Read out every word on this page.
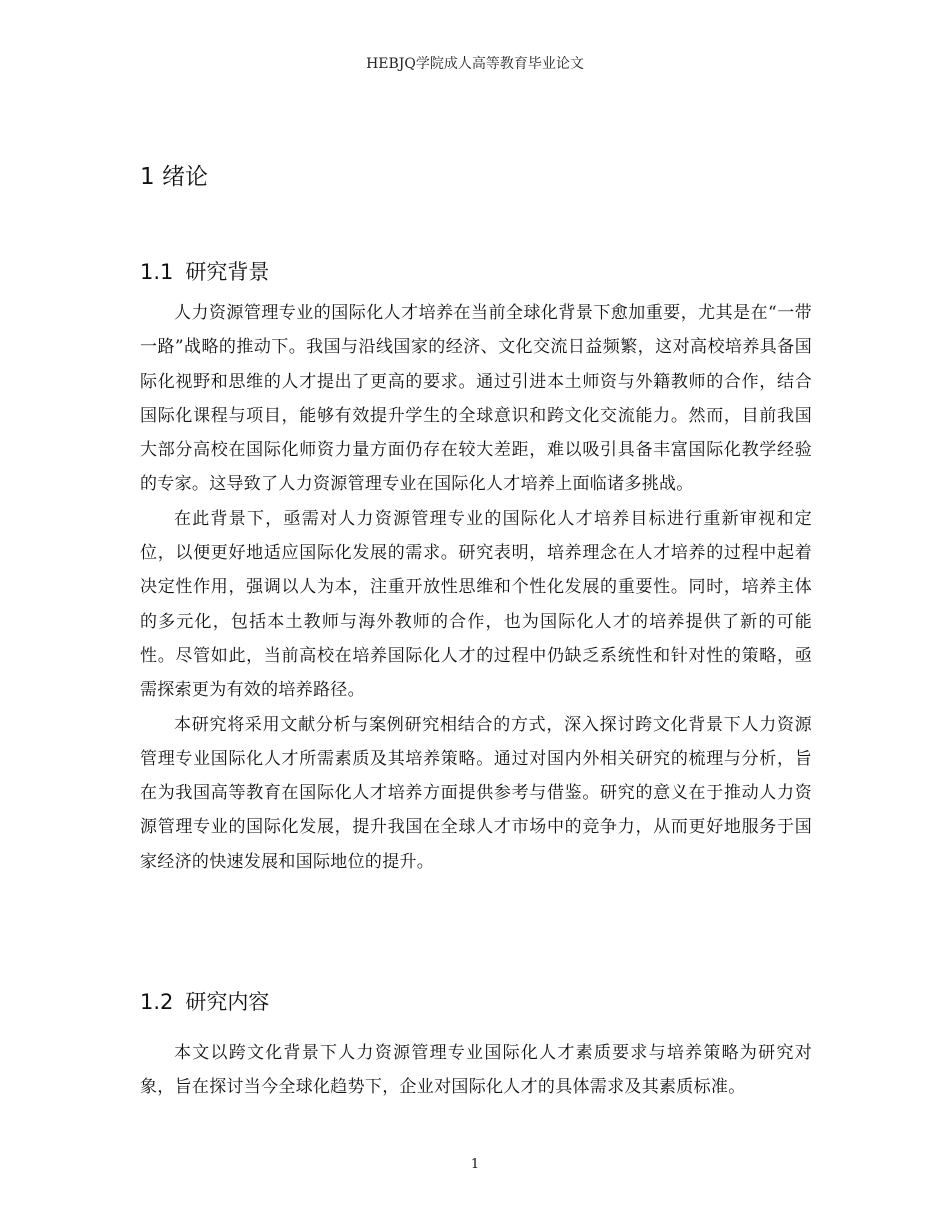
HEBJQ学院成人高等教育毕业论文
1 绪论
1.1 研究背景

人力资源管理专业的国际化人才培养在当前全球化背景下愈加重要，尤其是在“一带一路”战略的推动下。我国与沿线国家的经济、文化交流日益频繁，这对高校培养具备国际化视野和思维的人才提出了更高的要求。通过引进本土师资与外籍教师的合作，结合国际化课程与项目，能够有效提升学生的全球意识和跨文化交流能力。然而，目前我国大部分高校在国际化师资力量方面仍存在较大差距，难以吸引具备丰富国际化教学经验的专家。这导致了人力资源管理专业在国际化人才培养上面临诸多挑战。

在此背景下，亟需对人力资源管理专业的国际化人才培养目标进行重新审视和定位，以便更好地适应国际化发展的需求。研究表明，培养理念在人才培养的过程中起着决定性作用，强调以人为本，注重开放性思维和个性化发展的重要性。同时，培养主体的多元化，包括本土教师与海外教师的合作，也为国际化人才的培养提供了新的可能性。尽管如此，当前高校在培养国际化人才的过程中仍缺乏系统性和针对性的策略，亟需探索更为有效的培养路径。

本研究将采用文献分析与案例研究相结合的方式，深入探讨跨文化背景下人力资源管理专业国际化人才所需素质及其培养策略。通过对国内外相关研究的梳理与分析，旨在为我国高等教育在国际化人才培养方面提供参考与借鉴。研究的意义在于推动人力资源管理专业的国际化发展，提升我国在全球人才市场中的竞争力，从而更好地服务于国家经济的快速发展和国际地位的提升。

1.2 研究内容

本文以跨文化背景下人力资源管理专业国际化人才素质要求与培养策略为研究对象，旨在探讨当今全球化趋势下，企业对国际化人才的具体需求及其素质标准。

1
